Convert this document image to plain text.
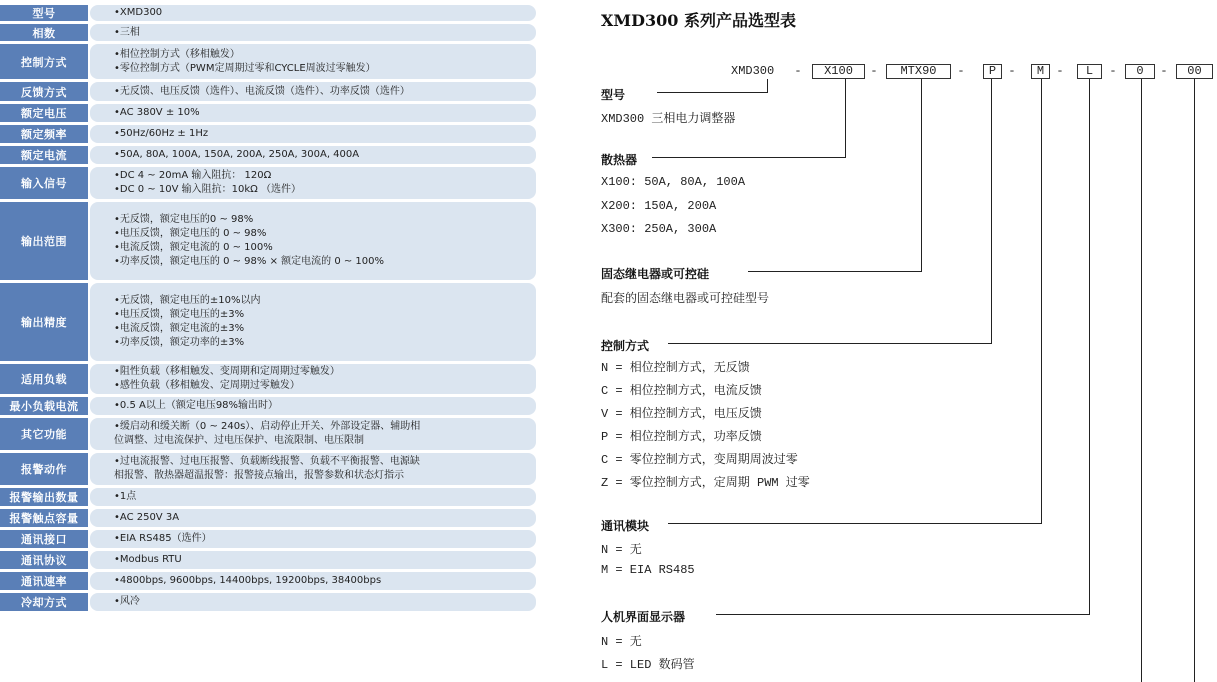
型号	•XMD300
相数	•三相
控制方式
•相位控制方式（移相触发）
•零位控制方式（PWM定周期过零和CYCLE周波过零触发）
反馈方式	•无反馈、电压反馈（选件）、电流反馈（选件）、功率反馈（选件）
额定电压	•AC 380V ± 10%
额定频率	•50Hz/60Hz ± 1Hz
额定电流	•50A, 80A, 100A, 150A, 200A, 250A, 300A, 400A
输入信号
•DC 4 ~ 20mA 输入阻抗： 120Ω
•DC 0 ~ 10V 输入阻抗：10kΩ （选件）
输出范围
•无反馈，额定电压的0 ~ 98%
•电压反馈，额定电压的 0 ~ 98%
•电流反馈，额定电流的 0 ~ 100%
•功率反馈，额定电压的 0 ~ 98% × 额定电流的 0 ~ 100%
输出精度
•无反馈，额定电压的±10%以内
•电压反馈，额定电压的±3%
•电流反馈，额定电流的±3%
•功率反馈，额定功率的±3%
适用负载
•阻性负载（移相触发、变周期和定周期过零触发）
•感性负载（移相触发、定周期过零触发）
最小负载电流	•0.5 A以上（额定电压98%输出时）
其它功能
•缓启动和缓关断（0 ~ 240s）、启动停止开关、外部设定器、辅助相
位调整、过电流保护、过电压保护、电流限制、电压限制
报警动作
•过电流报警、过电压报警、负载断线报警、负载不平衡报警、电源缺
相报警、散热器超温报警：报警接点输出，报警参数和状态灯指示
报警输出数量	•1点
报警触点容量	•AC 250V 3A
通讯接口	•EIA RS485（选件）
通讯协议	•Modbus RTU
通讯速率	•4800bps, 9600bps, 14400bps, 19200bps, 38400bps
冷却方式	•风冷
XMD300 系列产品选型表
XMD300 -	X100	-	MTX90	-	P	-	M	-	L	-	0	-	00
型号
XMD300 三相电力调整器
散热器
X100: 50A, 80A, 100A
X200: 150A, 200A
X300: 250A, 300A
固态继电器或可控硅
配套的固态继电器或可控硅型号
控制方式
N = 相位控制方式，无反馈
C = 相位控制方式，电流反馈
V = 相位控制方式，电压反馈
P = 相位控制方式，功率反馈
C = 零位控制方式，变周期周波过零
Z = 零位控制方式，定周期 PWM 过零
通讯模块
N = 无
M = EIA RS485
人机界面显示器
N = 无
L = LED 数码管
